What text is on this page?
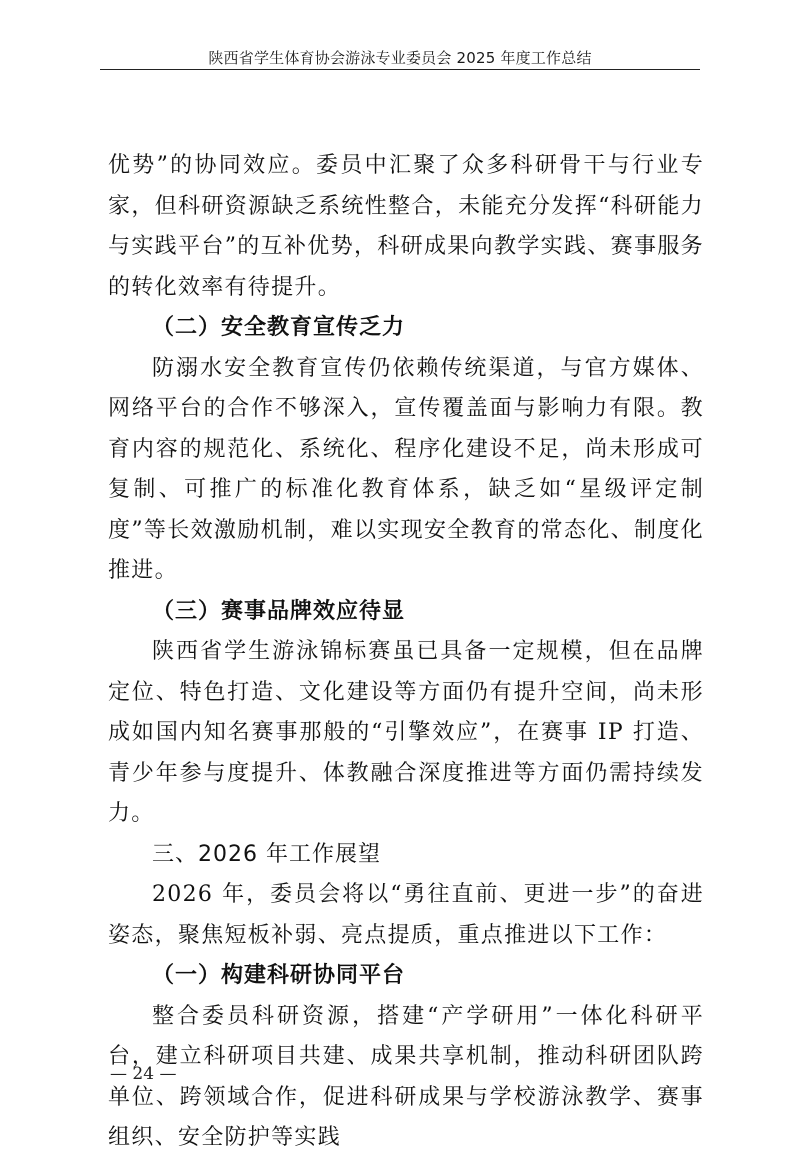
陕西省学生体育协会游泳专业委员会 2025 年度工作总结

优势”的协同效应。委员中汇聚了众多科研骨干与行业专家，但科研资源缺乏系统性整合，未能充分发挥“科研能力与实践平台”的互补优势，科研成果向教学实践、赛事服务的转化效率有待提升。

（二）安全教育宣传乏力

防溺水安全教育宣传仍依赖传统渠道，与官方媒体、网络平台的合作不够深入，宣传覆盖面与影响力有限。教育内容的规范化、系统化、程序化建设不足，尚未形成可复制、可推广的标准化教育体系，缺乏如“星级评定制度”等长效激励机制，难以实现安全教育的常态化、制度化推进。

（三）赛事品牌效应待显

陕西省学生游泳锦标赛虽已具备一定规模，但在品牌定位、特色打造、文化建设等方面仍有提升空间，尚未形成如国内知名赛事那般的“引擎效应”，在赛事 IP 打造、青少年参与度提升、体教融合深度推进等方面仍需持续发力。

三、2026 年工作展望

2026 年，委员会将以“勇往直前、更进一步”的奋进姿态，聚焦短板补弱、亮点提质，重点推进以下工作：

（一）构建科研协同平台

整合委员科研资源，搭建“产学研用”一体化科研平台，建立科研项目共建、成果共享机制，推动科研团队跨单位、跨领域合作，促进科研成果与学校游泳教学、赛事组织、安全防护等实践

— 24 —
